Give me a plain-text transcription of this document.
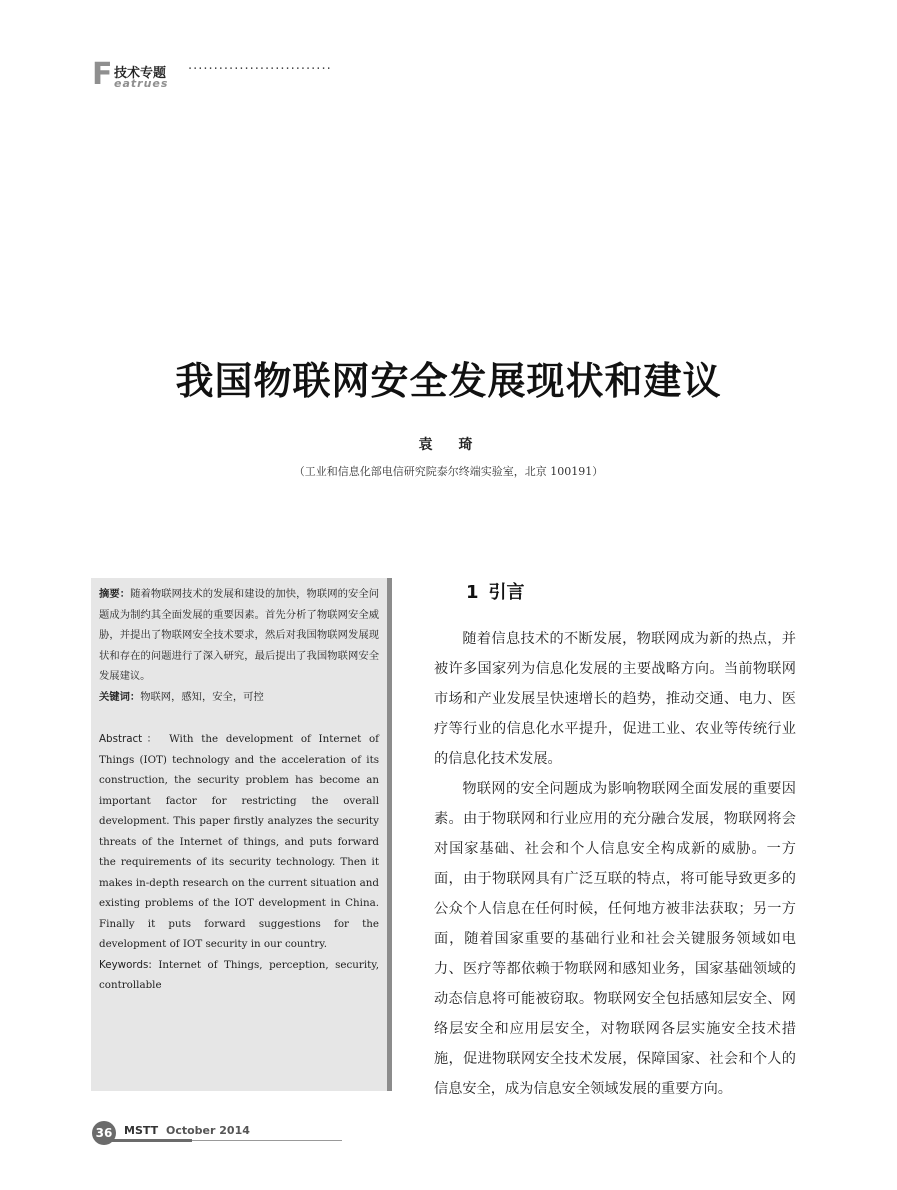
F 技术专题 ····························
eatrues
我国物联网安全发展现状和建议
袁　琦
（工业和信息化部电信研究院泰尔终端实验室，北京 100191）

摘要：随着物联网技术的发展和建设的加快，物联网的安全问题成为制约其全面发展的重要因素。首先分析了物联网安全威胁，并提出了物联网安全技术要求，然后对我国物联网发展现状和存在的问题进行了深入研究，最后提出了我国物联网安全发展建议。

关键词：物联网，感知，安全，可控

Abstract： With the development of Internet of Things (IOT) technology and the acceleration of its construction, the security problem has become an important factor for restricting the overall development. This paper firstly analyzes the security threats of the Internet of things, and puts forward the requirements of its security technology. Then it makes in-depth research on the current situation and existing problems of the IOT development in China. Finally it puts forward suggestions for the development of IOT security in our country.

Keywords: Internet of Things, perception, security, controllable

1 引言

随着信息技术的不断发展，物联网成为新的热点，并被许多国家列为信息化发展的主要战略方向。当前物联网市场和产业发展呈快速增长的趋势，推动交通、电力、医疗等行业的信息化水平提升，促进工业、农业等传统行业的信息化技术发展。

物联网的安全问题成为影响物联网全面发展的重要因素。由于物联网和行业应用的充分融合发展，物联网将会对国家基础、社会和个人信息安全构成新的威胁。一方面，由于物联网具有广泛互联的特点，将可能导致更多的公众个人信息在任何时候，任何地方被非法获取；另一方面，随着国家重要的基础行业和社会关键服务领域如电力、医疗等都依赖于物联网和感知业务，国家基础领域的动态信息将可能被窃取。物联网安全包括感知层安全、网络层安全和应用层安全，对物联网各层实施安全技术措施，促进物联网安全技术发展，保障国家、社会和个人的信息安全，成为信息安全领域发展的重要方向。

36	MSTT October 2014
